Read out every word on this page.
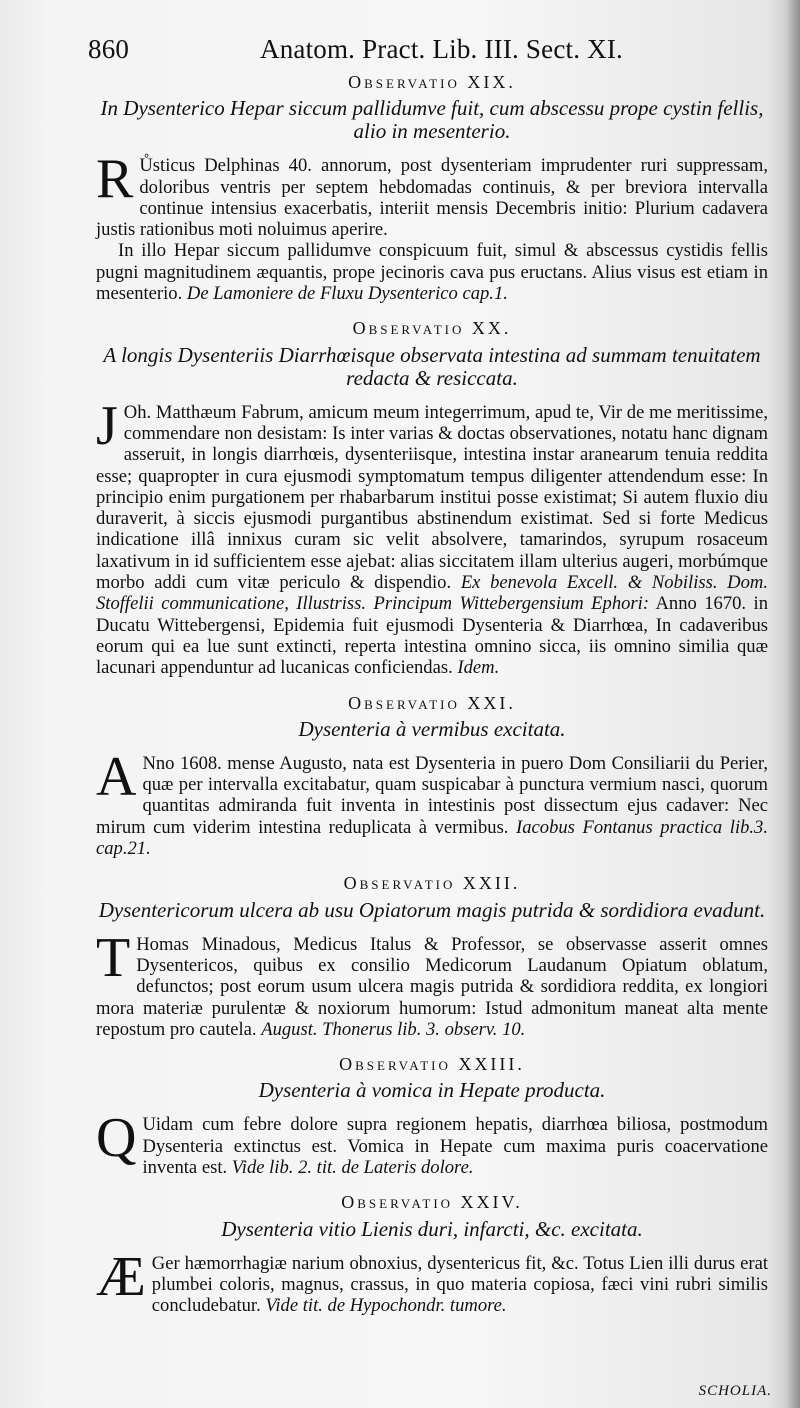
860	Anatom. Pract. Lib. III. Sect. XI.
Observatio XIX.
In Dysenterico Hepar siccum pallidumve fuit, cum abscessu prope cystin fellis, alio in mesenterio.
R Ůsticus Delphinas 40. annorum, post dysenteriam imprudenter ruri suppressam, doloribus ventris per septem hebdomadas continuis, & per breviora intervalla continue intensius exacerbatis, interiit mensis Decembris initio: Plurium cadavera justis rationibus moti noluimus aperire.

In illo Hepar siccum pallidumve conspicuum fuit, simul & abscessus cystidis fellis pugni magnitudinem æquantis, prope jecinoris cava pus eructans. Alius visus est etiam in mesenterio. De Lamoniere de Fluxu Dysenterico cap.1.

Observatio XX.
A longis Dysenteriis Diarrhœisque observata intestina ad summam tenuitatem redacta & resiccata.
J Oh. Matthæum Fabrum, amicum meum integerrimum, apud te, Vir de me meritissime, commendare non desistam: Is inter varias & doctas observationes, notatu hanc dignam asseruit, in longis diarrhœis, dysenteriisque, intestina instar aranearum tenuia reddita esse; quapropter in cura ejusmodi symptomatum tempus diligenter attendendum esse: In principio enim purgationem per rhabarbarum institui posse existimat; Si autem fluxio diu duraverit, à siccis ejusmodi purgantibus abstinendum existimat. Sed si forte Medicus indicatione illâ innixus curam sic velit absolvere, tamarindos, syrupum rosaceum laxativum in id sufficientem esse ajebat: alias siccitatem illam ulterius augeri, morbúmque morbo addi cum vitæ periculo & dispendio. Ex benevola Excell. & Nobiliss. Dom. Stoffelii communicatione, Illustriss. Principum Wittebergensium Ephori: Anno 1670. in Ducatu Wittebergensi, Epidemia fuit ejusmodi Dysenteria & Diarrhœa, In cadaveribus eorum qui ea lue sunt extincti, reperta intestina omnino sicca, iis omnino similia quæ lacunari appenduntur ad lucanicas conficiendas. Idem.

Observatio XXI.
Dysenteria à vermibus excitata.
A Nno 1608. mense Augusto, nata est Dysenteria in puero Dom Consiliarii du Perier, quæ per intervalla excitabatur, quam suspicabar à punctura vermium nasci, quorum quantitas admiranda fuit inventa in intestinis post dissectum ejus cadaver: Nec mirum cum viderim intestina reduplicata à vermibus. Iacobus Fontanus practica lib.3. cap.21.

Observatio XXII.
Dysentericorum ulcera ab usu Opiatorum magis putrida & sordidiora evadunt.
T Homas Minadous, Medicus Italus & Professor, se observasse asserit omnes Dysentericos, quibus ex consilio Medicorum Laudanum Opiatum oblatum, defunctos; post eorum usum ulcera magis putrida & sordidiora reddita, ex longiori mora materiæ purulentæ & noxiorum humorum: Istud admonitum maneat alta mente repostum pro cautela. August. Thonerus lib. 3. observ. 10.

Observatio XXIII.
Dysenteria à vomica in Hepate producta.
Q Uidam cum febre dolore supra regionem hepatis, diarrhœa biliosa, postmodum Dysenteria extinctus est. Vomica in Hepate cum maxima puris coacervatione inventa est. Vide lib. 2. tit. de Lateris dolore.

Observatio XXIV.
Dysenteria vitio Lienis duri, infarcti, &c. excitata.
Æ Ger hæmorrhagiæ narium obnoxius, dysentericus fit, &c. Totus Lien illi durus erat plumbei coloris, magnus, crassus, in quo materia copiosa, fæci vini rubri similis concludebatur. Vide tit. de Hypochondr. tumore.

SCHOLIA.
